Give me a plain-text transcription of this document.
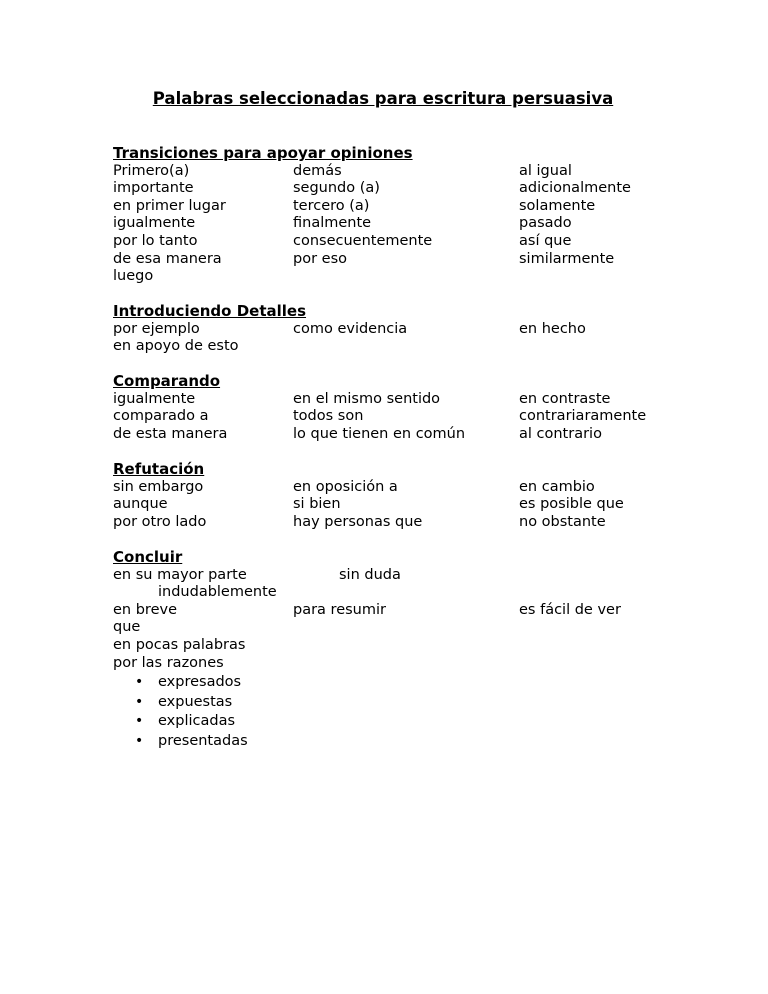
Palabras seleccionadas para escritura persuasiva

Transiciones para apoyar opiniones

Primero(a)	demás	al igual
importante	segundo (a)	adicionalmente
en primer lugar	tercero (a)	solamente
igualmente	finalmente	pasado
por lo tanto	consecuentemente	así que
de esa manera	por eso	similarmente
luego

Introduciendo Detalles

por ejemplo	como evidencia	en hecho
en apoyo de esto

Comparando

igualmente	en el mismo sentido	en contraste
comparado a	todos son	contrariaramente
de esta manera	lo que tienen en común	al contrario

Refutación

sin embargo	en oposición a	en cambio
aunque	si bien	es posible que
por otro lado	hay personas que	no obstante

Concluir

en su mayor parte	sin duda
indudablemente
en breve	para resumir	es fácil de ver
que
en pocas palabras
por las razones
• expresados
• expuestas
• explicadas
• presentadas
